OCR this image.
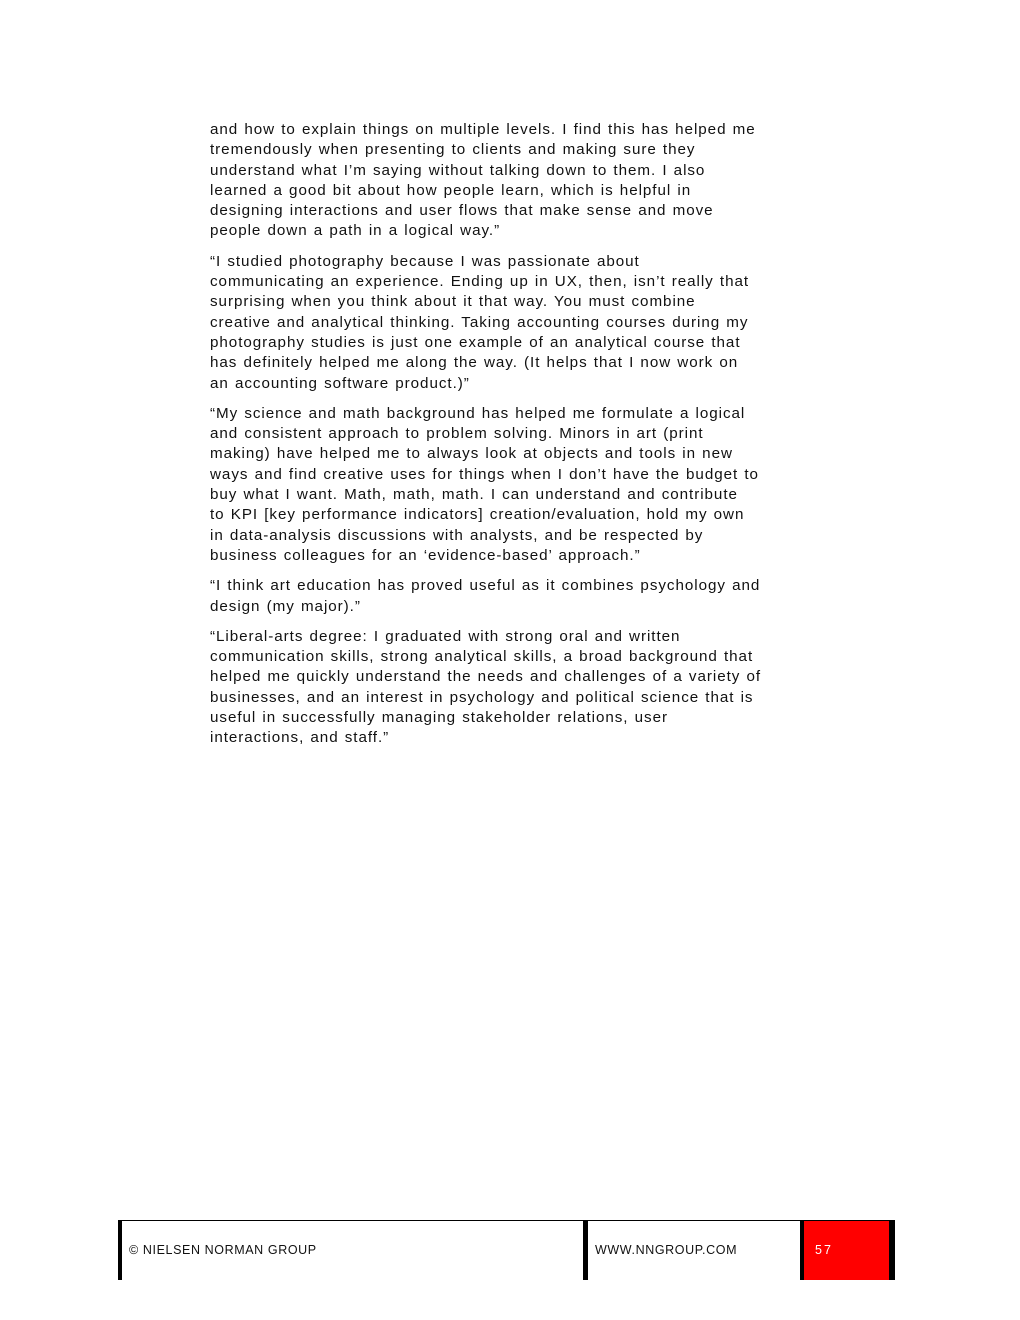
and how to explain things on multiple levels. I find this has helped me
tremendously when presenting to clients and making sure they
understand what I’m saying without talking down to them. I also
learned a good bit about how people learn, which is helpful in
designing interactions and user flows that make sense and move
people down a path in a logical way.”

“I studied photography because I was passionate about
communicating an experience. Ending up in UX, then, isn’t really that
surprising when you think about it that way. You must combine
creative and analytical thinking. Taking accounting courses during my
photography studies is just one example of an analytical course that
has definitely helped me along the way. (It helps that I now work on
an accounting software product.)”

“My science and math background has helped me formulate a logical
and consistent approach to problem solving. Minors in art (print
making) have helped me to always look at objects and tools in new
ways and find creative uses for things when I don’t have the budget to
buy what I want. Math, math, math. I can understand and contribute
to KPI [key performance indicators] creation/evaluation, hold my own
in data-analysis discussions with analysts, and be respected by
business colleagues for an ‘evidence-based’ approach.”

“I think art education has proved useful as it combines psychology and
design (my major).”

“Liberal-arts degree: I graduated with strong oral and written
communication skills, strong analytical skills, a broad background that
helped me quickly understand the needs and challenges of a variety of
businesses, and an interest in psychology and political science that is
useful in successfully managing stakeholder relations, user
interactions, and staff.”

© NIELSEN NORMAN GROUP	WWW.NNGROUP.COM	57
